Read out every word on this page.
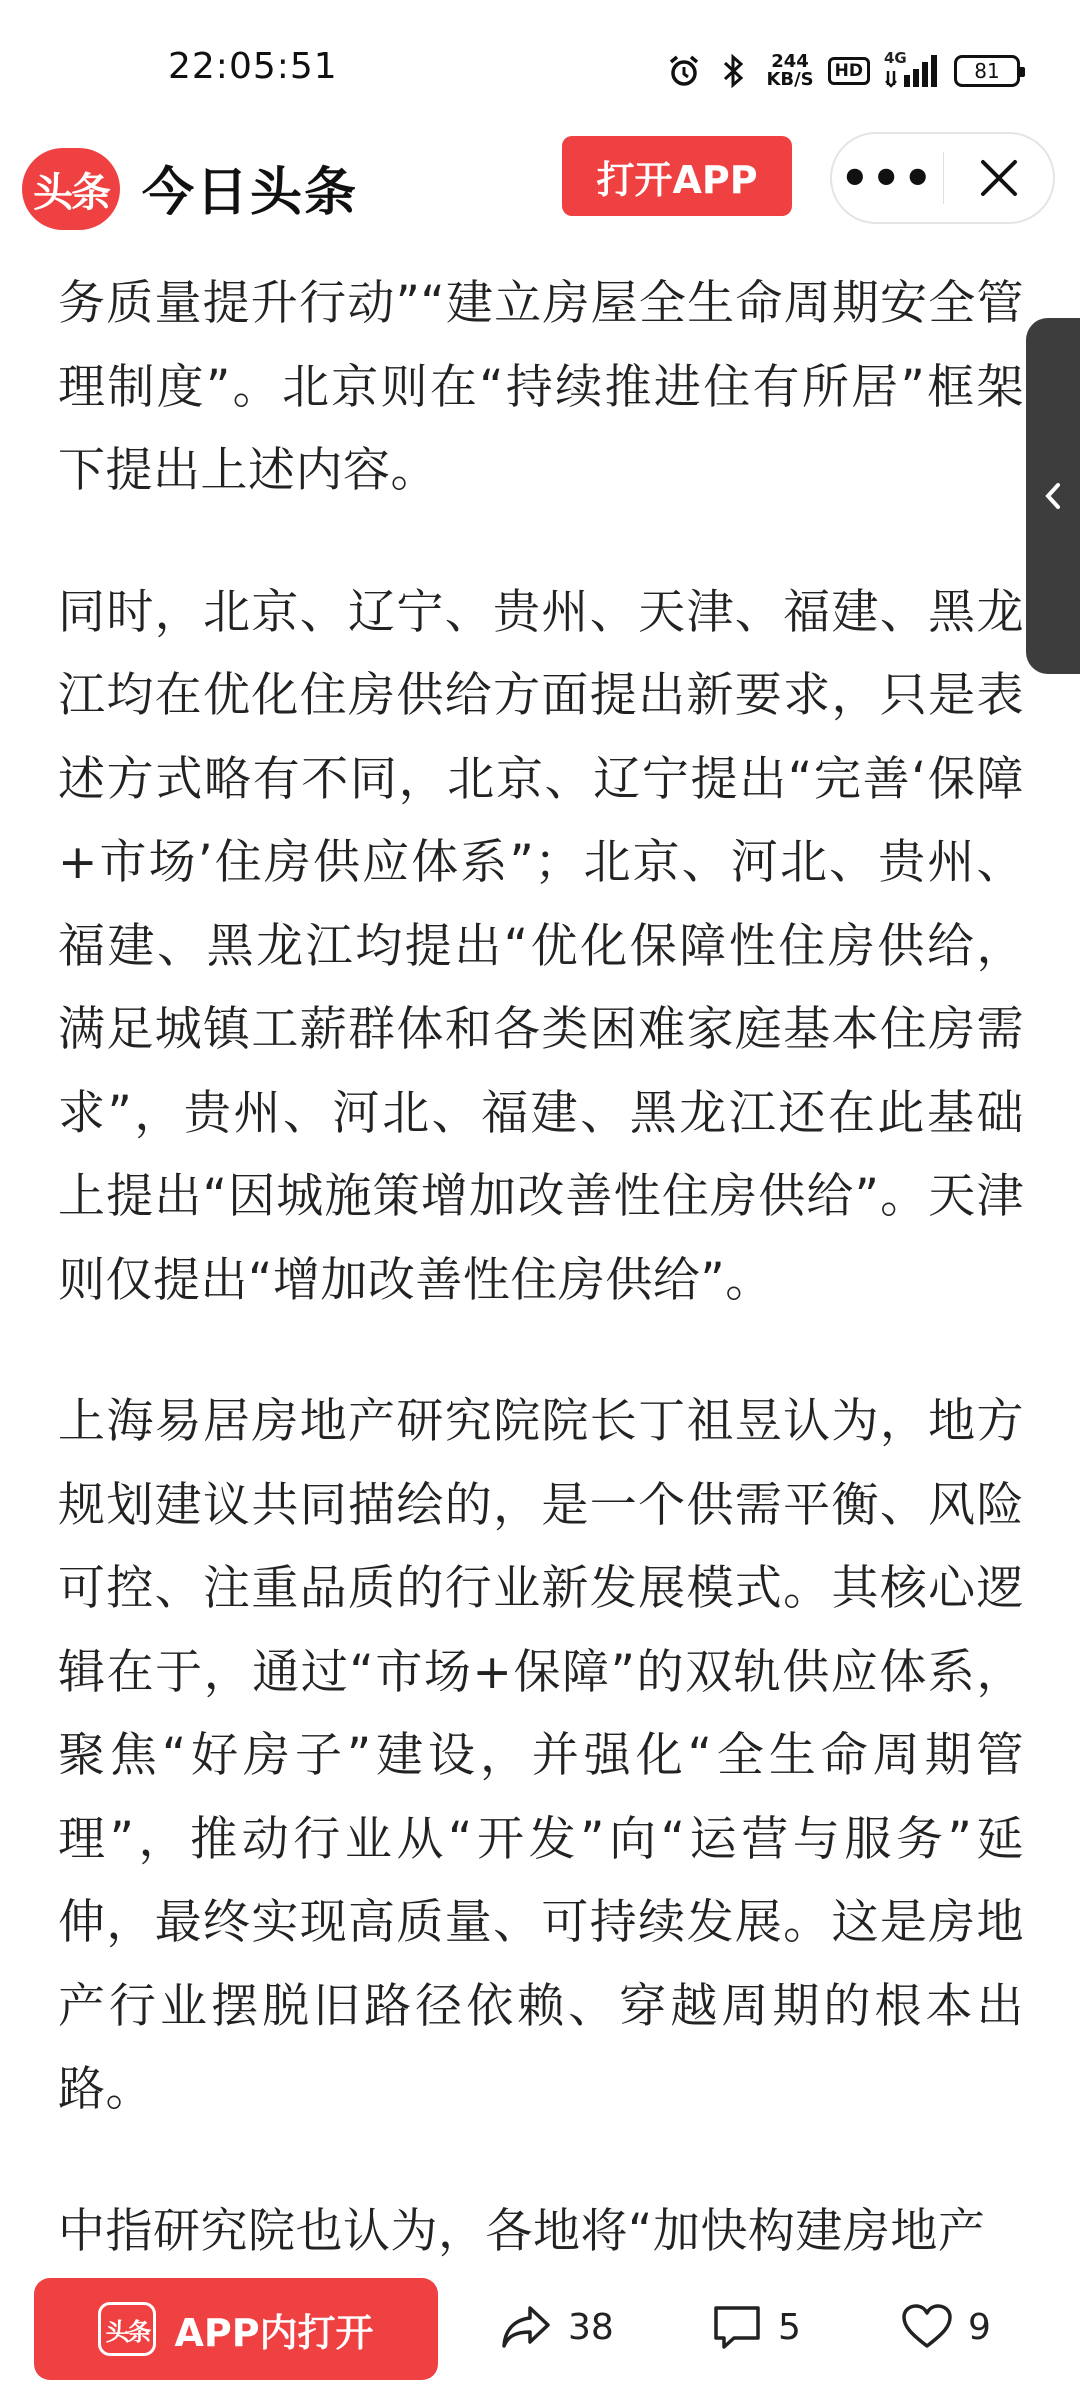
22:05:51	244
KB/S	HD
4G
81
头条 今日头条	打开APP	•••

务质量提升行动”“建立房屋全生命周期安全管理制度”。北京则在“持续推进住有所居”框架下提出上述内容。

同时，北京、辽宁、贵州、天津、福建、黑龙江均在优化住房供给方面提出新要求，只是表述方式略有不同，北京、辽宁提出“完善‘保障+市场’住房供应体系”；北京、河北、贵州、福建、黑龙江均提出“优化保障性住房供给，满足城镇工薪群体和各类困难家庭基本住房需求”，贵州、河北、福建、黑龙江还在此基础上提出“因城施策增加改善性住房供给”。天津则仅提出“增加改善性住房供给”。

上海易居房地产研究院院长丁祖昱认为，地方规划建议共同描绘的，是一个供需平衡、风险可控、注重品质的行业新发展模式。其核心逻辑在于，通过“市场+保障”的双轨供应体系，聚焦“好房子”建设，并强化“全生命周期管理”，推动行业从“开发”向“运营与服务”延伸，最终实现高质量、可持续发展。这是房地产行业摆脱旧路径依赖、穿越周期的根本出路。

中指研究院也认为，各地将“加快构建房地产

头条 APP内打开	38	5	9
